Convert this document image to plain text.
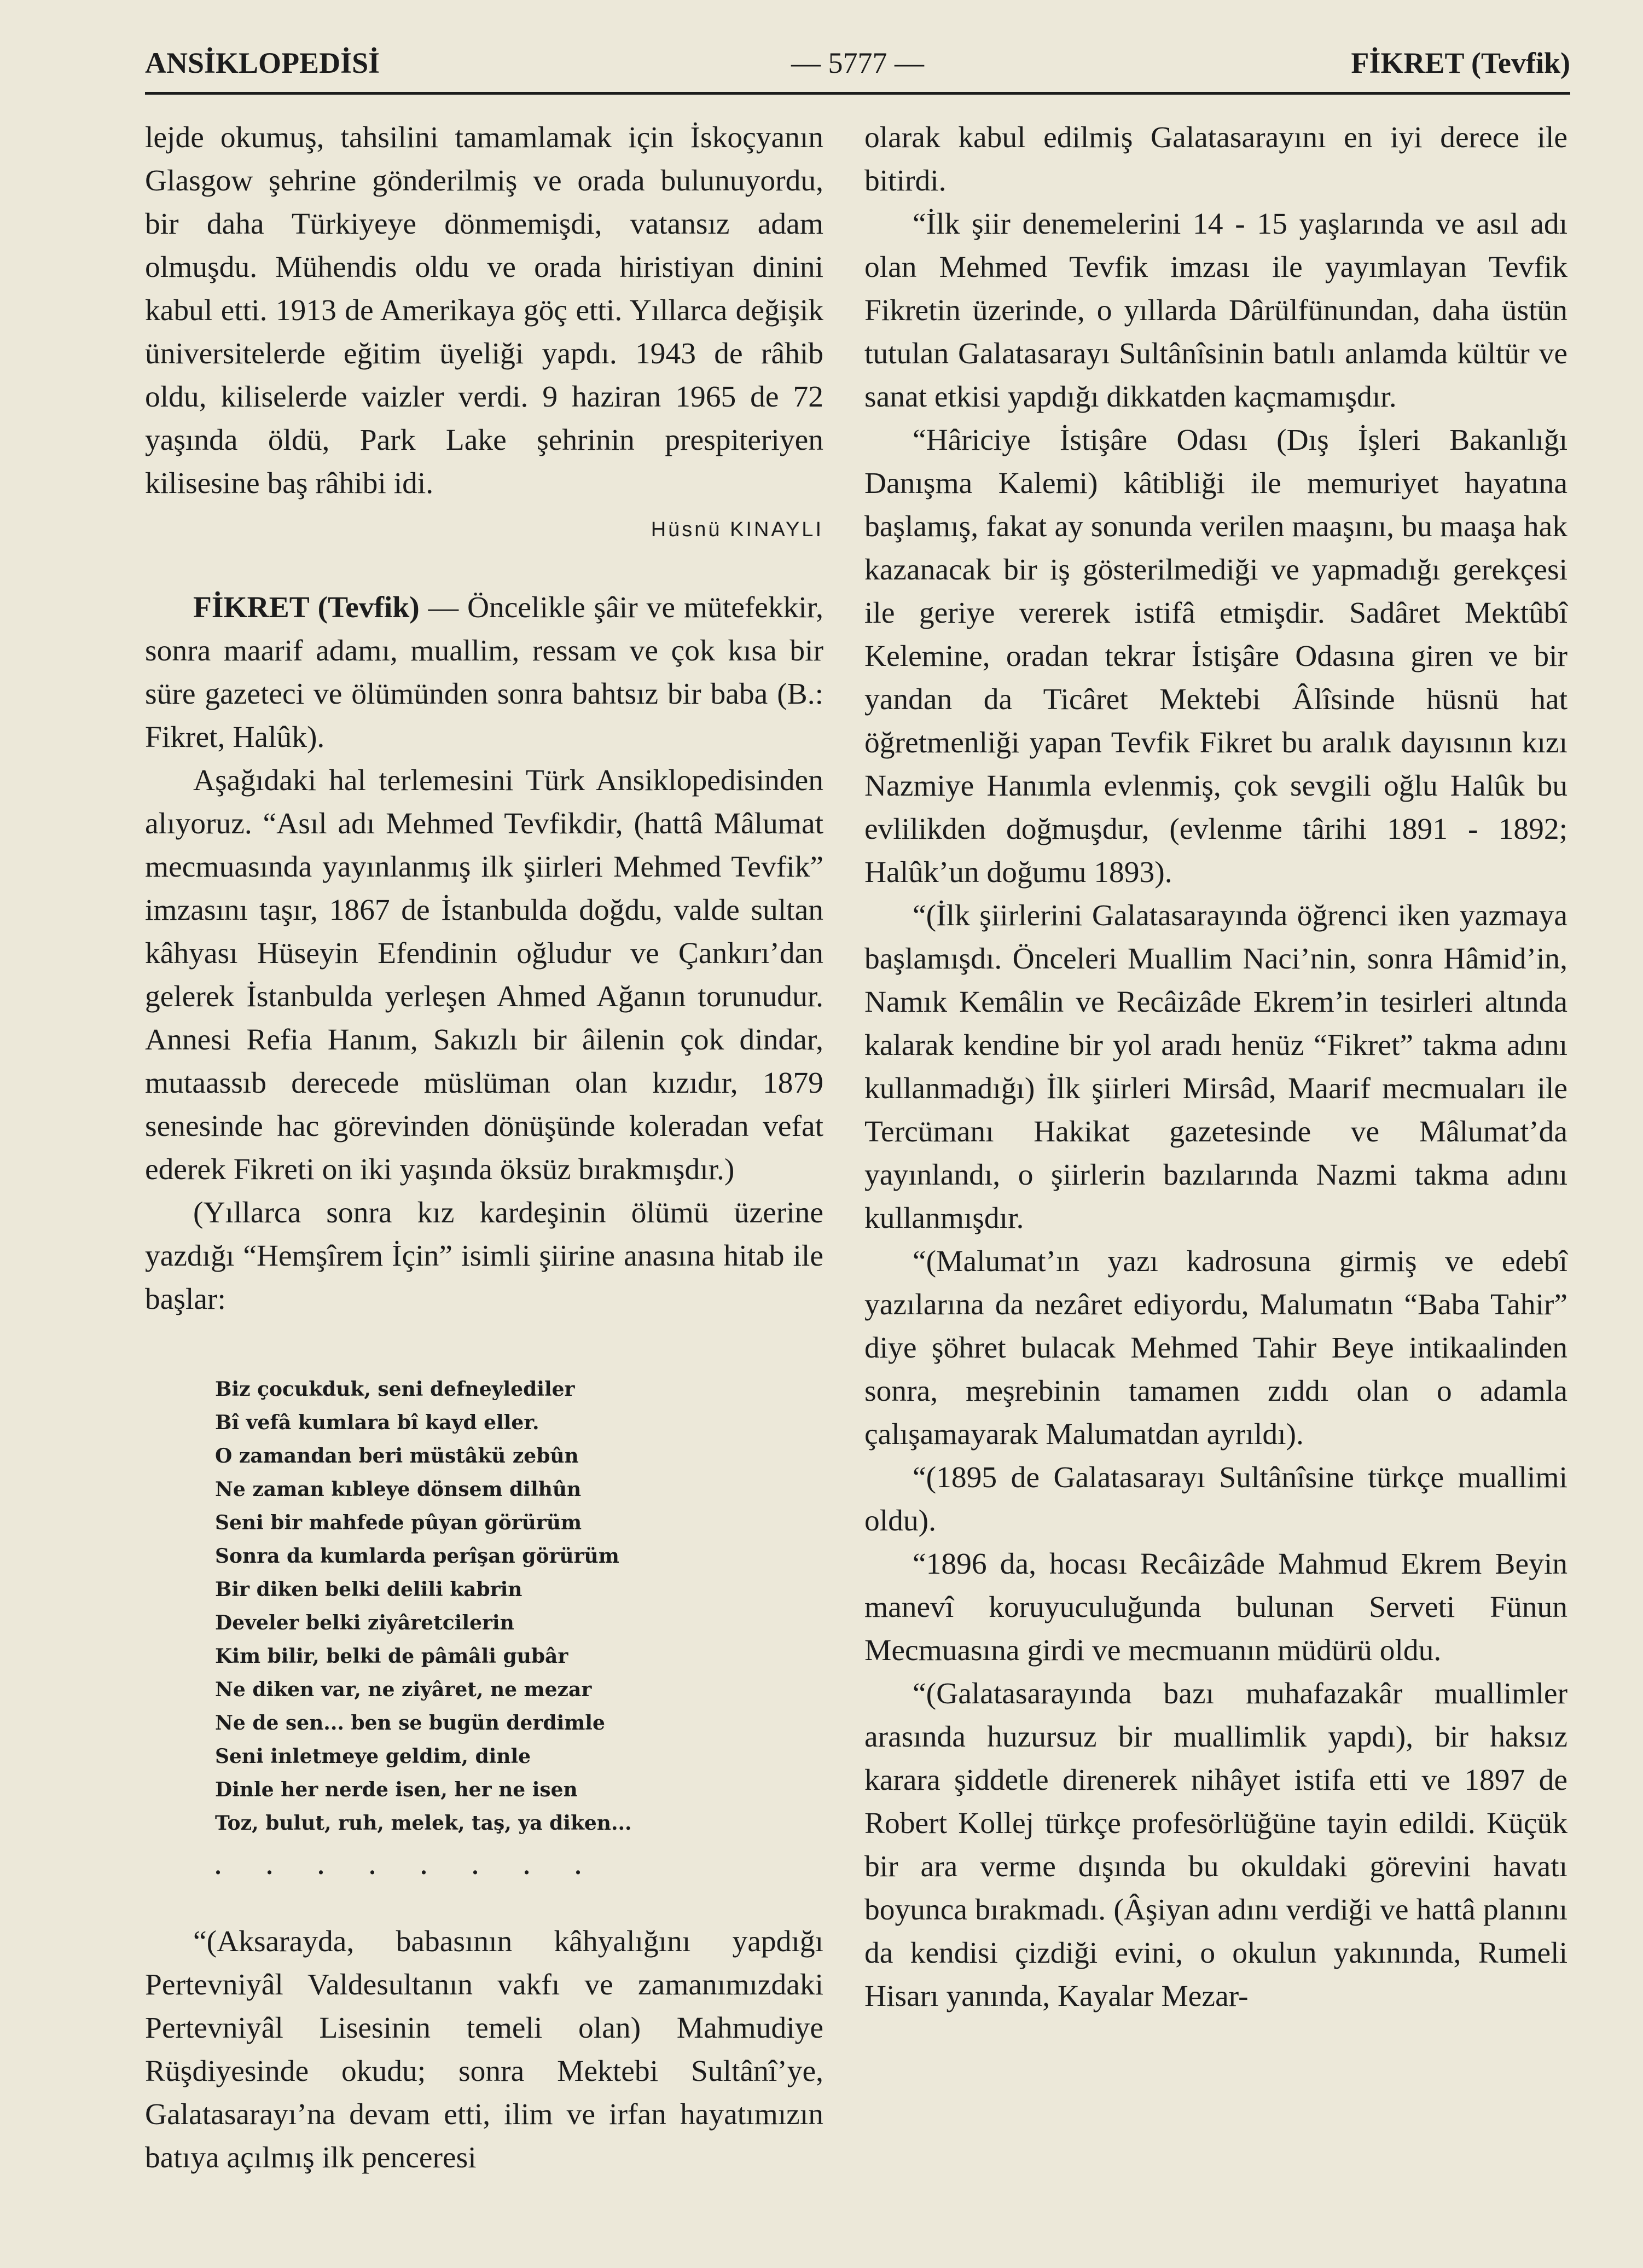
ANSİKLOPEDİSİ	— 5777 —	FİKRET (Tevfik)

lejde okumuş, tahsilini tamamlamak için İskoçyanın Glasgow şehrine gönderilmiş ve orada bulunuyordu, bir daha Türkiyeye dönmemişdi, vatansız adam olmuşdu. Mühendis oldu ve orada hiristiyan dinini kabul etti. 1913 de Amerikaya göç etti. Yıllarca değişik üniversitelerde eğitim üyeliği yapdı. 1943 de râhib oldu, kiliselerde vaizler verdi. 9 haziran 1965 de 72 yaşında öldü, Park Lake şehrinin prespiteriyen kilisesine baş râhibi idi.

Hüsnü KINAYLI

FİKRET (Tevfik) — Öncelikle şâir ve mütefekkir, sonra maarif adamı, muallim, ressam ve çok kısa bir süre gazeteci ve ölümünden sonra bahtsız bir baba (B.: Fikret, Halûk).

Aşağıdaki hal terlemesini Türk Ansiklopedisinden alıyoruz. “Asıl adı Mehmed Tevfikdir, (hattâ Mâlumat mecmuasında yayınlanmış ilk şiirleri Mehmed Tevfik” imzasını taşır, 1867 de İstanbulda doğdu, valde sultan kâhyası Hüseyin Efendinin oğludur ve Çankırı’dan gelerek İstanbulda yerleşen Ahmed Ağanın torunudur. Annesi Refia Hanım, Sakızlı bir âilenin çok dindar, mutaassıb derecede müslüman olan kızıdır, 1879 senesinde hac görevinden dönüşünde koleradan vefat ederek Fikreti on iki yaşında öksüz bırakmışdır.)

(Yıllarca sonra kız kardeşinin ölümü üzerine yazdığı “Hemşîrem İçin” isimli şiirine anasına hitab ile başlar:

Biz çocukduk, seni defneylediler
Bî vefâ kumlara bî kayd eller.
O zamandan beri müstâkü zebûn
Ne zaman kıbleye dönsem dilhûn
Seni bir mahfede pûyan görürüm
Sonra da kumlarda perîşan görürüm
Bir diken belki delili kabrin
Develer belki ziyâretcilerin
Kim bilir, belki de pâmâli gubâr
Ne diken var, ne ziyâret, ne mezar
Ne de sen... ben se bugün derdimle
Seni inletmeye geldim, dinle
Dinle her nerde isen, her ne isen
Toz, bulut, ruh, melek, taş, ya diken...
. . . . . . . .

“(Aksarayda, babasının kâhyalığını yapdığı Pertevniyâl Valdesultanın vakfı ve zamanımızdaki Pertevniyâl Lisesinin temeli olan) Mahmudiye Rüşdiyesinde okudu; sonra Mektebi Sultânî’ye, Galatasarayı’na devam etti, ilim ve irfan hayatımızın batıya açılmış ilk penceresi

olarak kabul edilmiş Galatasarayını en iyi derece ile bitirdi.

“İlk şiir denemelerini 14 - 15 yaşlarında ve asıl adı olan Mehmed Tevfik imzası ile yayımlayan Tevfik Fikretin üzerinde, o yıllarda Dârülfünundan, daha üstün tutulan Galatasarayı Sultânîsinin batılı anlamda kültür ve sanat etkisi yapdığı dikkatden kaçmamışdır.

“Hâriciye İstişâre Odası (Dış İşleri Bakanlığı Danışma Kalemi) kâtibliği ile memuriyet hayatına başlamış, fakat ay sonunda verilen maaşını, bu maaşa hak kazanacak bir iş gösterilmediği ve yapmadığı gerekçesi ile geriye vererek istifâ etmişdir. Sadâret Mektûbî Kelemine, oradan tekrar İstişâre Odasına giren ve bir yandan da Ticâret Mektebi Âlîsinde hüsnü hat öğretmenliği yapan Tevfik Fikret bu aralık dayısının kızı Nazmiye Hanımla evlenmiş, çok sevgili oğlu Halûk bu evlilikden doğmuşdur, (evlenme târihi 1891 - 1892; Halûk’un doğumu 1893).

“(İlk şiirlerini Galatasarayında öğrenci iken yazmaya başlamışdı. Önceleri Muallim Naci’nin, sonra Hâmid’in, Namık Kemâlin ve Recâizâde Ekrem’in tesirleri altında kalarak kendine bir yol aradı henüz “Fikret” takma adını kullanmadığı) İlk şiirleri Mirsâd, Maarif mecmuaları ile Tercümanı Hakikat gazetesinde ve Mâlumat’da yayınlandı, o şiirlerin bazılarında Nazmi takma adını kullanmışdır.

“(Malumat’ın yazı kadrosuna girmiş ve edebî yazılarına da nezâret ediyordu, Malumatın “Baba Tahir” diye şöhret bulacak Mehmed Tahir Beye intikaalinden sonra, meşrebinin tamamen zıddı olan o adamla çalışamayarak Malumatdan ayrıldı).

“(1895 de Galatasarayı Sultânîsine türkçe muallimi oldu).

“1896 da, hocası Recâizâde Mahmud Ekrem Beyin manevî koruyuculuğunda bulunan Serveti Fünun Mecmuasına girdi ve mecmuanın müdürü oldu.

“(Galatasarayında bazı muhafazakâr muallimler arasında huzursuz bir muallimlik yapdı), bir haksız karara şiddetle direnerek nihâyet istifa etti ve 1897 de Robert Kollej türkçe profesörlüğüne tayin edildi. Küçük bir ara verme dışında bu okuldaki görevini havatı boyunca bırakmadı. (Âşiyan adını verdiği ve hattâ planını da kendisi çizdiği evini, o okulun yakınında, Rumeli Hisarı yanında, Kayalar Mezar-
